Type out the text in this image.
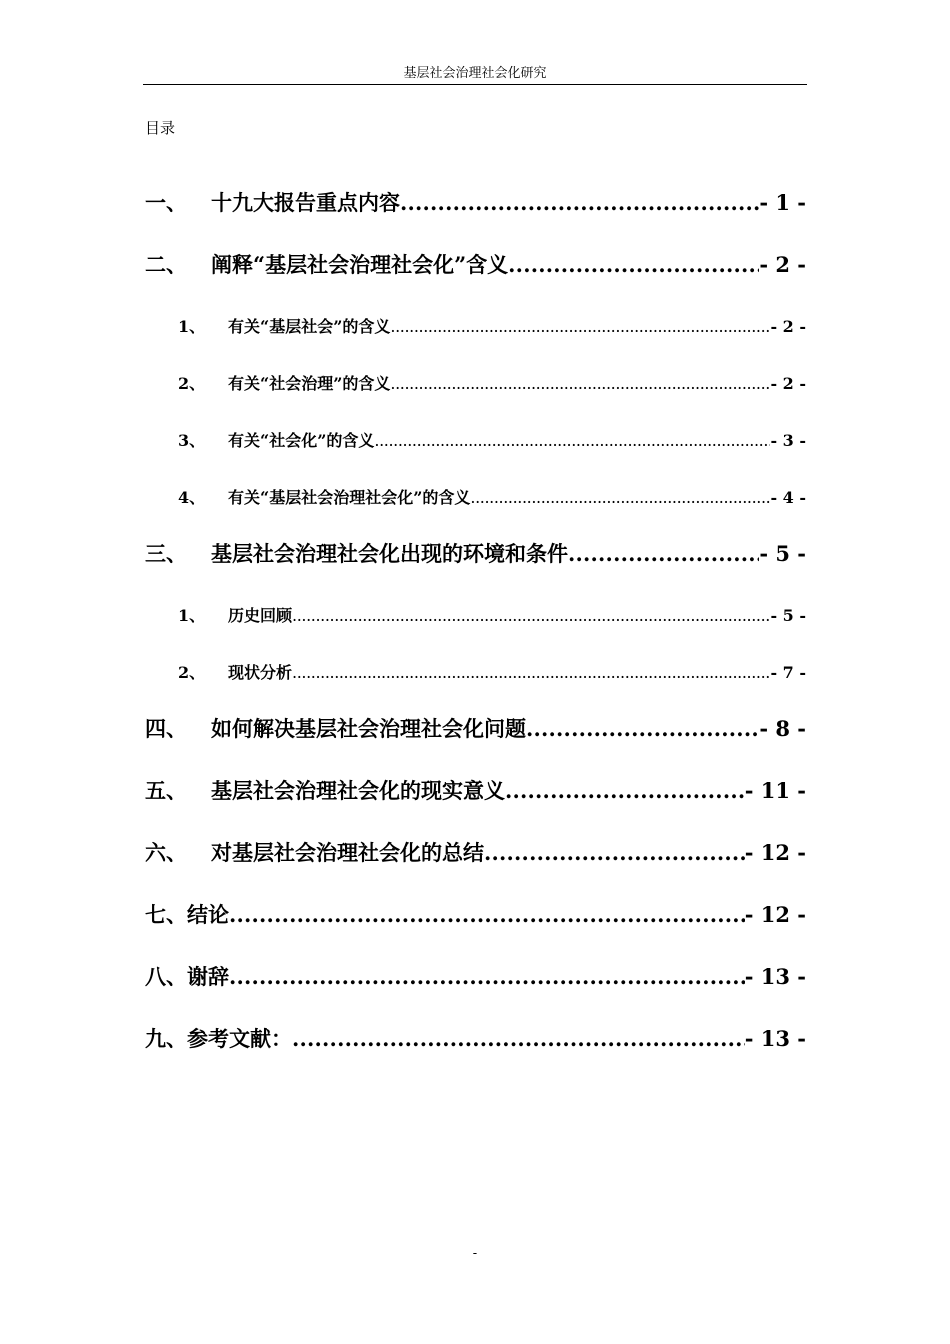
基层社会治理社会化研究
目录
一、	十九大报告重点内容 .....	- 1 -
二、	阐释“基层社会治理社会化”含义 .....	- 2 -
1、	有关“基层社会”的含义 .....	- 2 -
2、	有关“社会治理”的含义 .....	- 2 -
3、	有关“社会化”的含义 .....	- 3 -
4、	有关“基层社会治理社会化”的含义 .....	- 4 -
三、	基层社会治理社会化出现的环境和条件 .....	- 5 -
1、	历史回顾 .....	- 5 -
2、	现状分析 .....	- 7 -
四、	如何解决基层社会治理社会化问题 .....	- 8 -
五、	基层社会治理社会化的现实意义 .....	- 11 -
六、	对基层社会治理社会化的总结 .....	- 12 -
七、 结论 .....	- 12 -
八、 谢辞 .....	- 13 -
九、 参考文献： .....	- 13 -
-
